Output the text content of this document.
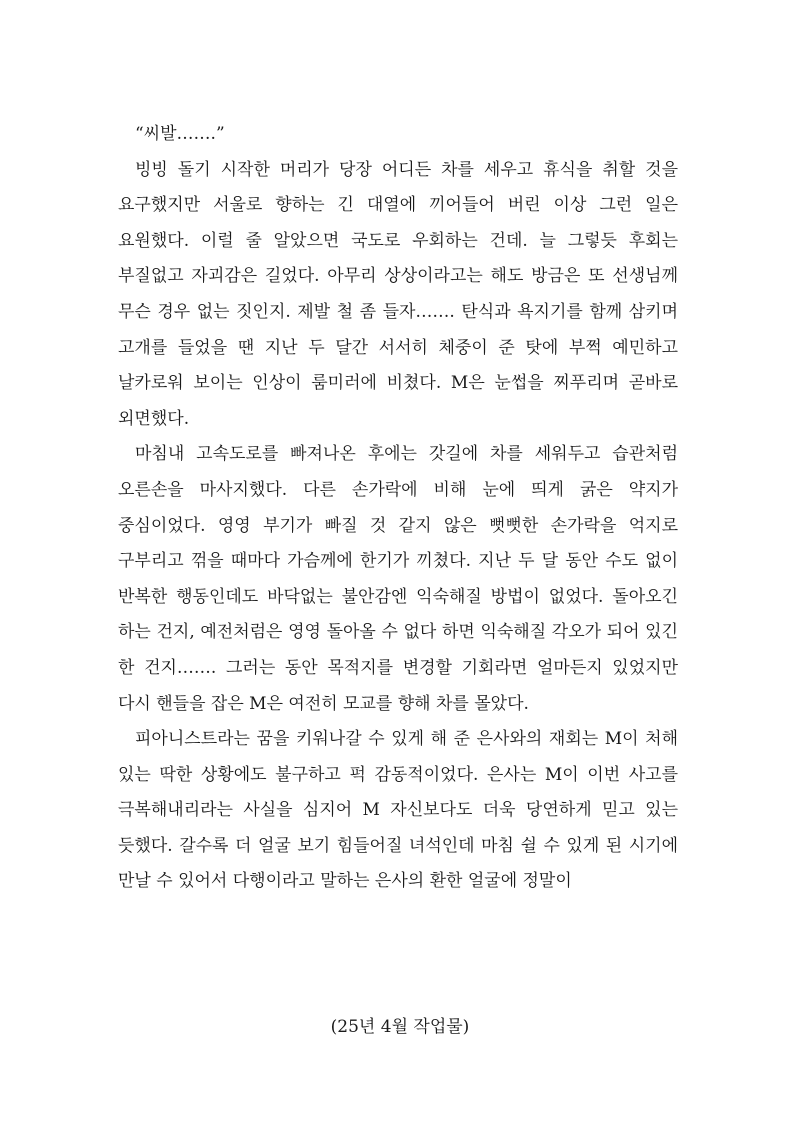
“씨발…….”

빙빙 돌기 시작한 머리가 당장 어디든 차를 세우고 휴식을 취할 것을 요구했지만 서울로 향하는 긴 대열에 끼어들어 버린 이상 그런 일은 요원했다. 이럴 줄 알았으면 국도로 우회하는 건데. 늘 그렇듯 후회는 부질없고 자괴감은 길었다. 아무리 상상이라고는 해도 방금은 또 선생님께 무슨 경우 없는 짓인지. 제발 철 좀 들자……. 탄식과 욕지기를 함께 삼키며 고개를 들었을 땐 지난 두 달간 서서히 체중이 준 탓에 부쩍 예민하고 날카로워 보이는 인상이 룸미러에 비쳤다. M은 눈썹을 찌푸리며 곧바로 외면했다.

마침내 고속도로를 빠져나온 후에는 갓길에 차를 세워두고 습관처럼 오른손을 마사지했다. 다른 손가락에 비해 눈에 띄게 굵은 약지가 중심이었다. 영영 부기가 빠질 것 같지 않은 뻣뻣한 손가락을 억지로 구부리고 꺾을 때마다 가슴께에 한기가 끼쳤다. 지난 두 달 동안 수도 없이 반복한 행동인데도 바닥없는 불안감엔 익숙해질 방법이 없었다. 돌아오긴 하는 건지, 예전처럼은 영영 돌아올 수 없다 하면 익숙해질 각오가 되어 있긴 한 건지……. 그러는 동안 목적지를 변경할 기회라면 얼마든지 있었지만 다시 핸들을 잡은 M은 여전히 모교를 향해 차를 몰았다.

피아니스트라는 꿈을 키워나갈 수 있게 해 준 은사와의 재회는 M이 처해 있는 딱한 상황에도 불구하고 퍽 감동적이었다. 은사는 M이 이번 사고를 극복해내리라는 사실을 심지어 M 자신보다도 더욱 당연하게 믿고 있는 듯했다. 갈수록 더 얼굴 보기 힘들어질 녀석인데 마침 쉴 수 있게 된 시기에 만날 수 있어서 다행이라고 말하는 은사의 환한 얼굴에 정말이

(25년 4월 작업물)
